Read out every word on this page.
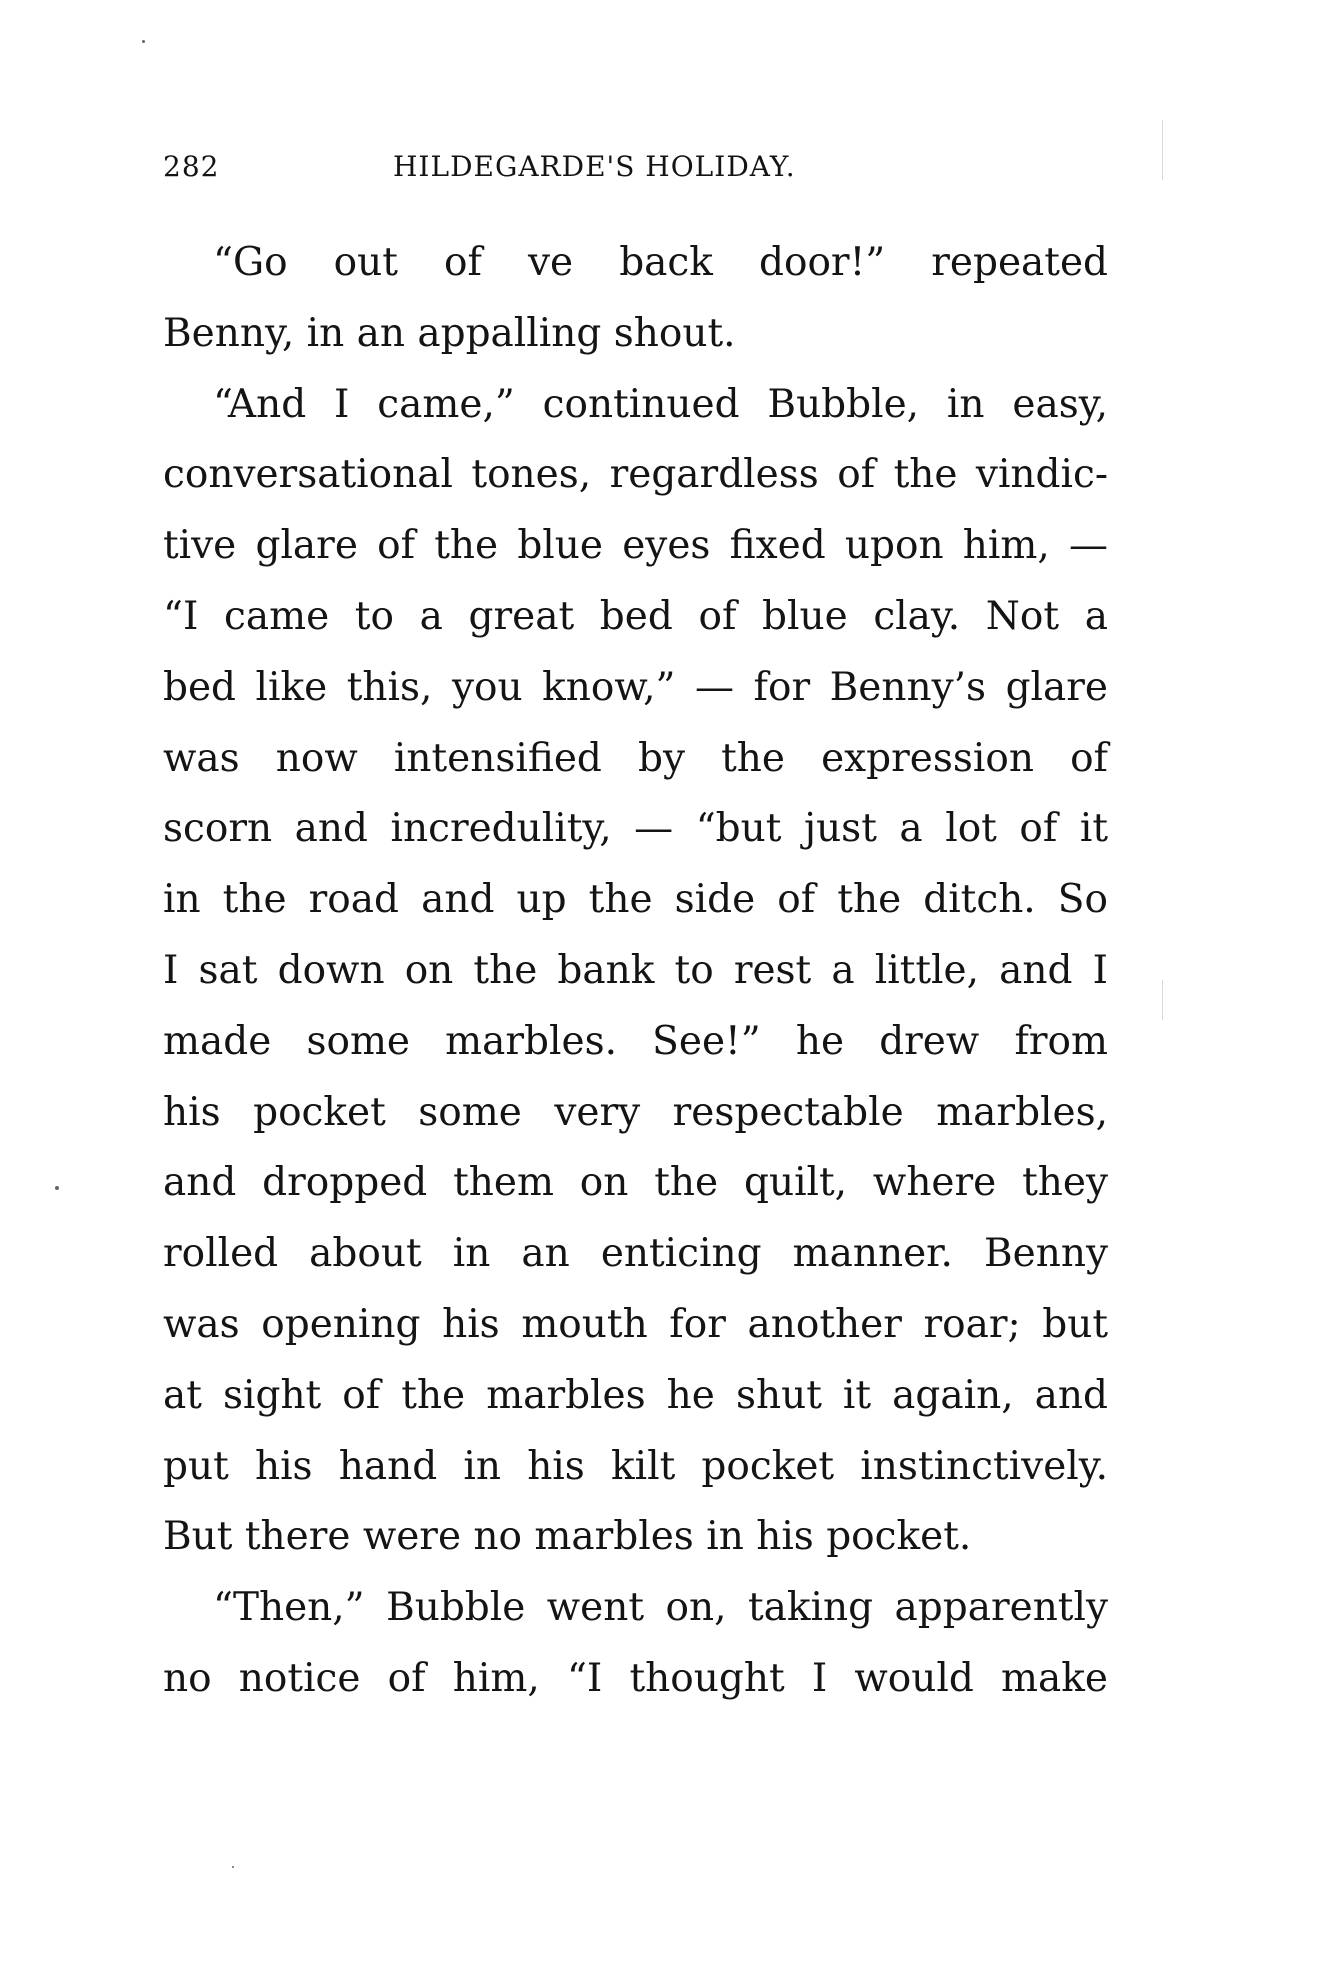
282	HILDEGARDE'S HOLIDAY.
“Go out of ve back door!” repeated
Benny, in an appalling shout.
“And I came,” continued Bubble, in easy,
conversational tones, regardless of the vindic-
tive glare of the blue eyes fixed upon him, —
“I came to a great bed of blue clay. Not a
bed like this, you know,” — for Benny’s glare
was now intensified by the expression of
scorn and incredulity, — “but just a lot of it
in the road and up the side of the ditch. So
I sat down on the bank to rest a little, and I
made some marbles. See!” he drew from
his pocket some very respectable marbles,
and dropped them on the quilt, where they
rolled about in an enticing manner. Benny
was opening his mouth for another roar; but
at sight of the marbles he shut it again, and
put his hand in his kilt pocket instinctively.
But there were no marbles in his pocket.
“Then,” Bubble went on, taking apparently
no notice of him, “I thought I would make
